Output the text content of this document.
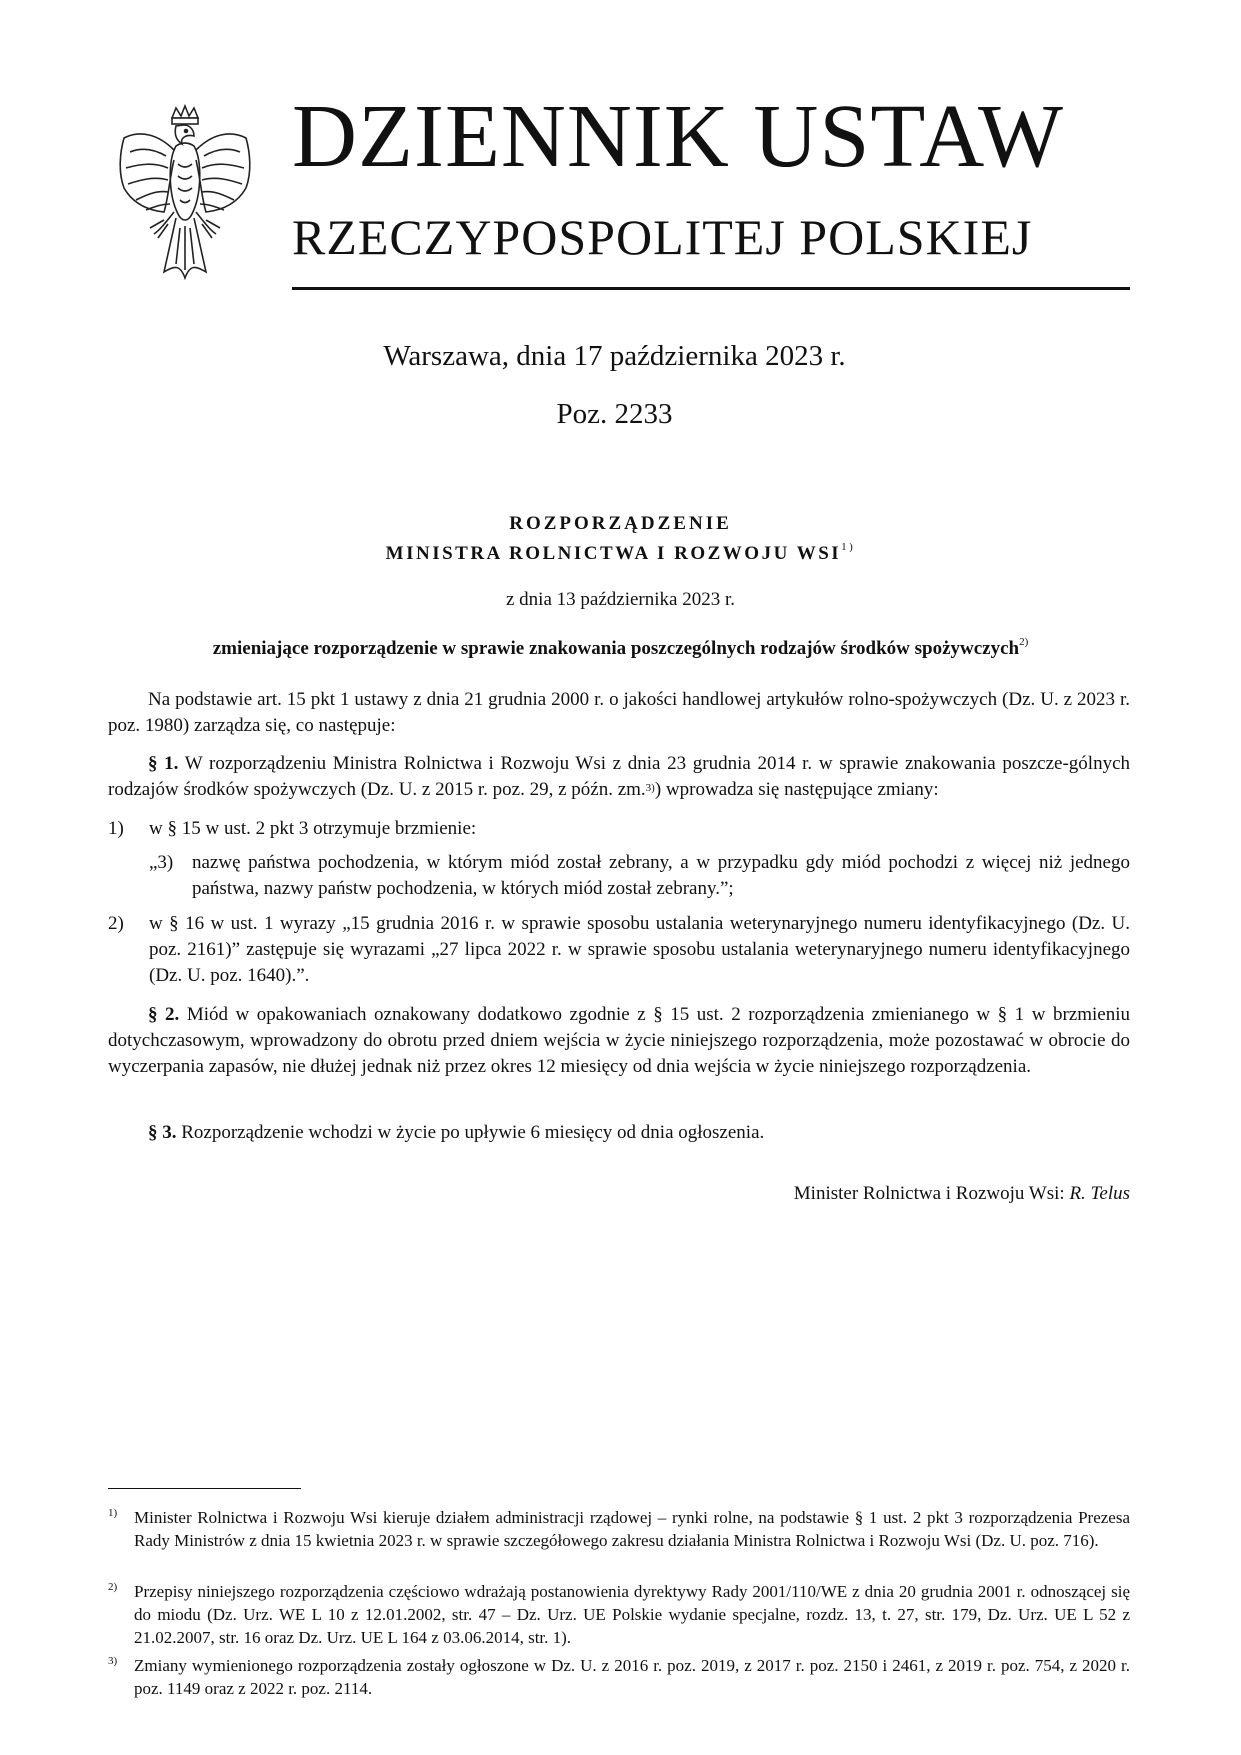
DZIENNIK USTAW
RZECZYPOSPOLITEJ POLSKIEJ
Warszawa, dnia 17 października 2023 r.
Poz. 2233
ROZPORZĄDZENIE
MINISTRA ROLNICTWA I ROZWOJU WSI$^{1)}$
z dnia 13 października 2023 r.
zmieniające rozporządzenie w sprawie znakowania poszczególnych rodzajów środków spożywczych$^{2)}$

Na podstawie art. 15 pkt 1 ustawy z dnia 21 grudnia 2000 r. o jakości handlowej artykułów rolno-spożywczych (Dz. U. z 2023 r. poz. 1980) zarządza się, co następuje:

§ 1. W rozporządzeniu Ministra Rolnictwa i Rozwoju Wsi z dnia 23 grudnia 2014 r. w sprawie znakowania poszcze-gólnych rodzajów środków spożywczych (Dz. U. z 2015 r. poz. 29, z późn. zm.$^{3)}$) wprowadza się następujące zmiany:

1) w § 15 w ust. 2 pkt 3 otrzymuje brzmienie:
„3) nazwę państwa pochodzenia, w którym miód został zebrany, a w przypadku gdy miód pochodzi z więcej niż jednego państwa, nazwy państw pochodzenia, w których miód został zebrany.”;
2) w § 16 w ust. 1 wyrazy „15 grudnia 2016 r. w sprawie sposobu ustalania weterynaryjnego numeru identyfikacyjnego (Dz. U. poz. 2161)” zastępuje się wyrazami „27 lipca 2022 r. w sprawie sposobu ustalania weterynaryjnego numeru identyfikacyjnego (Dz. U. poz. 1640).”.

§ 2. Miód w opakowaniach oznakowany dodatkowo zgodnie z § 15 ust. 2 rozporządzenia zmienianego w § 1 w brzmieniu dotychczasowym, wprowadzony do obrotu przed dniem wejścia w życie niniejszego rozporządzenia, może pozostawać w obrocie do wyczerpania zapasów, nie dłużej jednak niż przez okres 12 miesięcy od dnia wejścia w życie niniejszego rozporządzenia.

§ 3. Rozporządzenie wchodzi w życie po upływie 6 miesięcy od dnia ogłoszenia.

Minister Rolnictwa i Rozwoju Wsi: R. Telus
1) Minister Rolnictwa i Rozwoju Wsi kieruje działem administracji rządowej – rynki rolne, na podstawie § 1 ust. 2 pkt 3 rozporządzenia Prezesa Rady Ministrów z dnia 15 kwietnia 2023 r. w sprawie szczegółowego zakresu działania Ministra Rolnictwa i Rozwoju Wsi (Dz. U. poz. 716).
2) Przepisy niniejszego rozporządzenia częściowo wdrażają postanowienia dyrektywy Rady 2001/110/WE z dnia 20 grudnia 2001 r. odnoszącej się do miodu (Dz. Urz. WE L 10 z 12.01.2002, str. 47 – Dz. Urz. UE Polskie wydanie specjalne, rozdz. 13, t. 27, str. 179, Dz. Urz. UE L 52 z 21.02.2007, str. 16 oraz Dz. Urz. UE L 164 z 03.06.2014, str. 1).
3) Zmiany wymienionego rozporządzenia zostały ogłoszone w Dz. U. z 2016 r. poz. 2019, z 2017 r. poz. 2150 i 2461, z 2019 r. poz. 754, z 2020 r. poz. 1149 oraz z 2022 r. poz. 2114.
